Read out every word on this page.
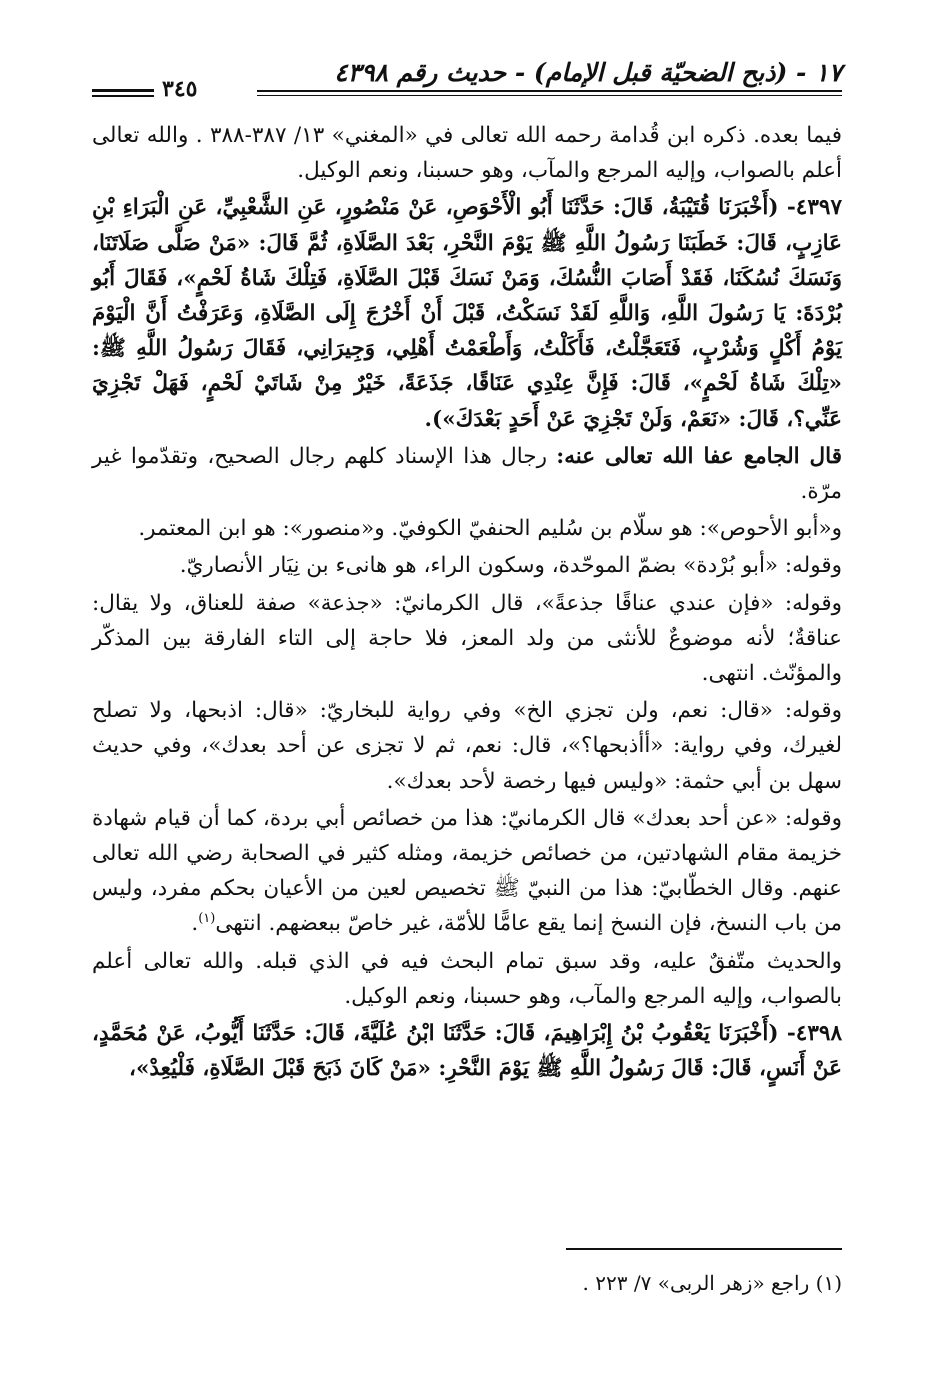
١٧ - (ذبح الضحيّة قبل الإمام) - حديث رقم ٤٣٩٨
٣٤٥

فيما بعده. ذكره ابن قُدامة رحمه الله تعالى في «المغني» ١٣/ ٣٨٧-٣٨٨ . والله تعالى أعلم بالصواب، وإليه المرجع والمآب، وهو حسبنا، ونعم الوكيل.

٤٣٩٧- (أَخْبَرَنَا قُتَيْبَةُ، قَالَ: حَدَّثَنَا أَبُو الْأَحْوَصِ، عَنْ مَنْصُورٍ، عَنِ الشَّعْبِيِّ، عَنِ الْبَرَاءِ بْنِ عَازِبٍ، قَالَ: خَطَبَنَا رَسُولُ اللَّهِ ﷺ يَوْمَ النَّحْرِ، بَعْدَ الصَّلَاةِ، ثُمَّ قَالَ: «مَنْ صَلَّى صَلَاتَنَا، وَنَسَكَ نُسُكَنَا، فَقَدْ أَصَابَ النُّسُكَ، وَمَنْ نَسَكَ قَبْلَ الصَّلَاةِ، فَتِلْكَ شَاةُ لَحْمٍ»، فَقَالَ أَبُو بُرْدَةَ: يَا رَسُولَ اللَّهِ، وَاللَّهِ لَقَدْ نَسَكْتُ، قَبْلَ أَنْ أَخْرُجَ إِلَى الصَّلَاةِ، وَعَرَفْتُ أَنَّ الْيَوْمَ يَوْمُ أَكْلٍ وَشُرْبٍ، فَتَعَجَّلْتُ، فَأَكَلْتُ، وَأَطْعَمْتُ أَهْلِي، وَجِيرَانِي، فَقَالَ رَسُولُ اللَّهِ ﷺ: «تِلْكَ شَاةُ لَحْمٍ»، قَالَ: فَإِنَّ عِنْدِي عَنَاقًا، جَذَعَةً، خَيْرٌ مِنْ شَاتَيْ لَحْمٍ، فَهَلْ تَجْزِيَ عَنِّي؟، قَالَ: «نَعَمْ، وَلَنْ تَجْزِيَ عَنْ أَحَدٍ بَعْدَكَ»).

قال الجامع عفا الله تعالى عنه: رجال هذا الإسناد كلهم رجال الصحيح، وتقدّموا غير مرّة.

و«أبو الأحوص»: هو سلّام بن سُليم الحنفيّ الكوفيّ. و«منصور»: هو ابن المعتمر.

وقوله: «أبو بُرْدة» بضمّ الموحّدة، وسكون الراء، هو هانىء بن نِيَار الأنصاريّ.

وقوله: «فإن عندي عناقًا جذعةً»، قال الكرمانيّ: «جذعة» صفة للعناق، ولا يقال: عناقةٌ؛ لأنه موضوعٌ للأنثى من ولد المعز، فلا حاجة إلى التاء الفارقة بين المذكّر والمؤنّث. انتهى.

وقوله: «قال: نعم، ولن تجزي الخ» وفي رواية للبخاريّ: «قال: اذبحها، ولا تصلح لغيرك، وفي رواية: «أأذبحها؟»، قال: نعم، ثم لا تجزى عن أحد بعدك»، وفي حديث سهل بن أبي حثمة: «وليس فيها رخصة لأحد بعدك».

وقوله: «عن أحد بعدك» قال الكرمانيّ: هذا من خصائص أبي بردة، كما أن قيام شهادة خزيمة مقام الشهادتين، من خصائص خزيمة، ومثله كثير في الصحابة رضي الله تعالى عنهم. وقال الخطّابيّ: هذا من النبيّ ﷺ تخصيص لعين من الأعيان بحكم مفرد، وليس من باب النسخ، فإن النسخ إنما يقع عامًّا للأمّة، غير خاصّ ببعضهم. انتهى$^{(١)}$.

والحديث متّفقٌ عليه، وقد سبق تمام البحث فيه في الذي قبله. والله تعالى أعلم بالصواب، وإليه المرجع والمآب، وهو حسبنا، ونعم الوكيل.

٤٣٩٨- (أَخْبَرَنَا يَعْقُوبُ بْنُ إِبْرَاهِيمَ، قَالَ: حَدَّثَنَا ابْنُ عُلَيَّةَ، قَالَ: حَدَّثَنَا أَيُّوبُ، عَنْ مُحَمَّدٍ، عَنْ أَنَسٍ، قَالَ: قَالَ رَسُولُ اللَّهِ ﷺ يَوْمَ النَّحْرِ: «مَنْ كَانَ ذَبَحَ قَبْلَ الصَّلَاةِ، فَلْيُعِدْ»،

(١) راجع «زهر الربى» ٧/ ٢٢٣ .
